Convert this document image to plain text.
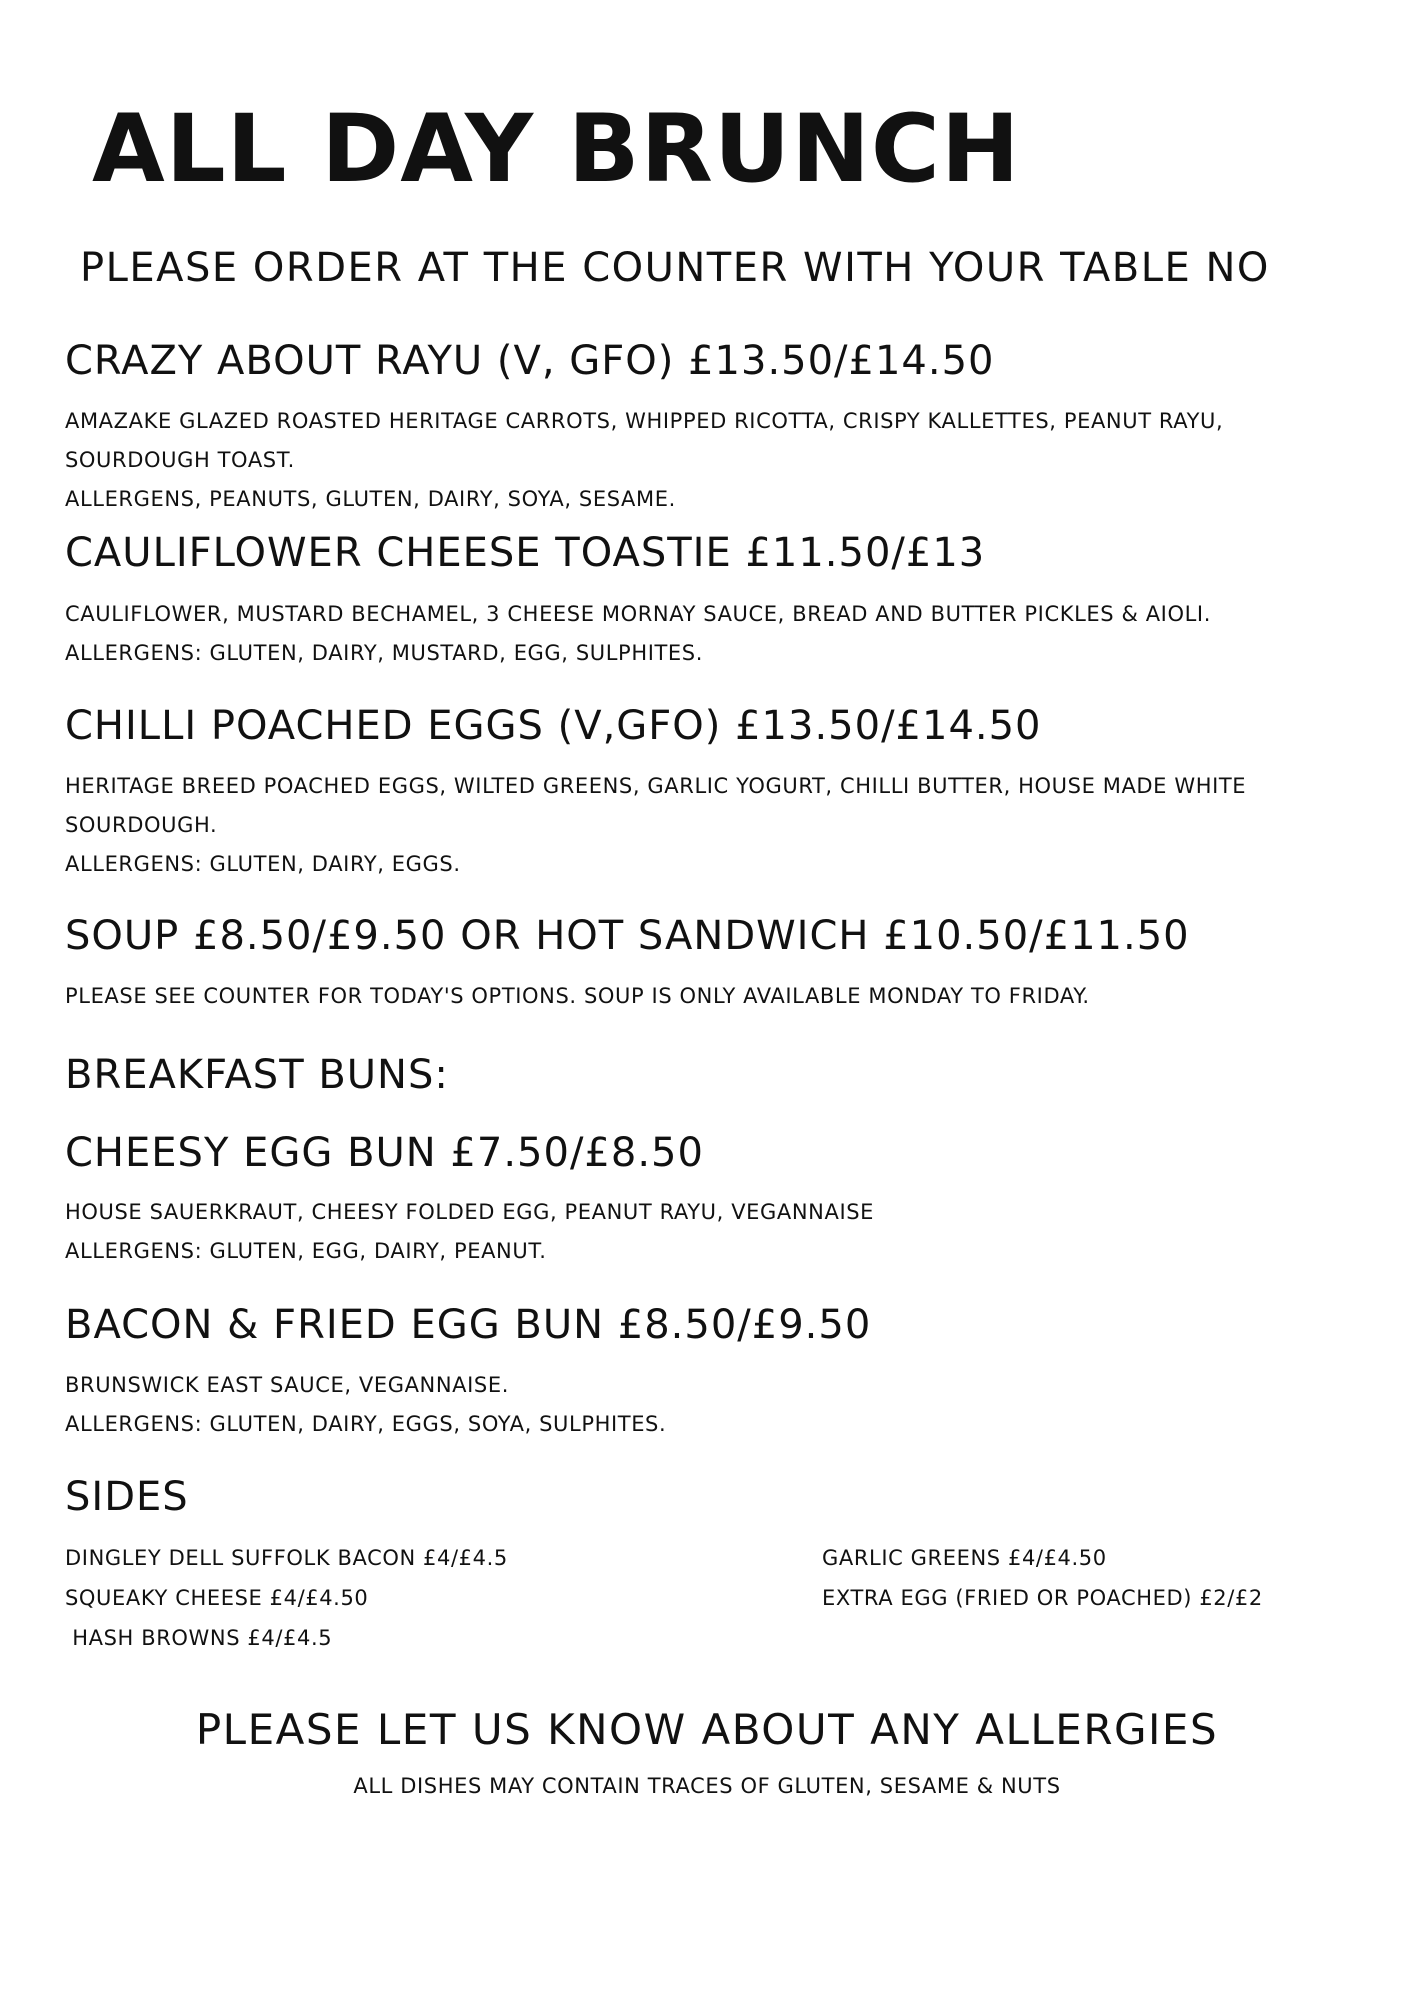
ALL DAY BRUNCH
PLEASE ORDER AT THE COUNTER WITH YOUR TABLE NO
CRAZY ABOUT RAYU (V, GFO) £13.50/£14.50
AMAZAKE GLAZED ROASTED HERITAGE CARROTS, WHIPPED RICOTTA, CRISPY KALLETTES, PEANUT RAYU,
SOURDOUGH TOAST.
ALLERGENS, PEANUTS, GLUTEN, DAIRY, SOYA, SESAME.
CAULIFLOWER CHEESE TOASTIE £11.50/£13
CAULIFLOWER, MUSTARD BECHAMEL, 3 CHEESE MORNAY SAUCE, BREAD AND BUTTER PICKLES & AIOLI.
ALLERGENS: GLUTEN, DAIRY, MUSTARD, EGG, SULPHITES.
CHILLI POACHED EGGS (V,GFO) £13.50/£14.50
HERITAGE BREED POACHED EGGS, WILTED GREENS, GARLIC YOGURT, CHILLI BUTTER, HOUSE MADE WHITE
SOURDOUGH.
ALLERGENS: GLUTEN, DAIRY, EGGS.
SOUP £8.50/£9.50 OR HOT SANDWICH £10.50/£11.50
PLEASE SEE COUNTER FOR TODAY'S OPTIONS. SOUP IS ONLY AVAILABLE MONDAY TO FRIDAY.
BREAKFAST BUNS:
CHEESY EGG BUN £7.50/£8.50
HOUSE SAUERKRAUT, CHEESY FOLDED EGG, PEANUT RAYU, VEGANNAISE
ALLERGENS: GLUTEN, EGG, DAIRY, PEANUT.
BACON & FRIED EGG BUN £8.50/£9.50
BRUNSWICK EAST SAUCE, VEGANNAISE.
ALLERGENS: GLUTEN, DAIRY, EGGS, SOYA, SULPHITES.
SIDES
DINGLEY DELL SUFFOLK BACON £4/£4.5
SQUEAKY CHEESE £4/£4.50
HASH BROWNS £4/£4.5
GARLIC GREENS £4/£4.50
EXTRA EGG (FRIED OR POACHED) £2/£2
PLEASE LET US KNOW ABOUT ANY ALLERGIES
ALL DISHES MAY CONTAIN TRACES OF GLUTEN, SESAME & NUTS
